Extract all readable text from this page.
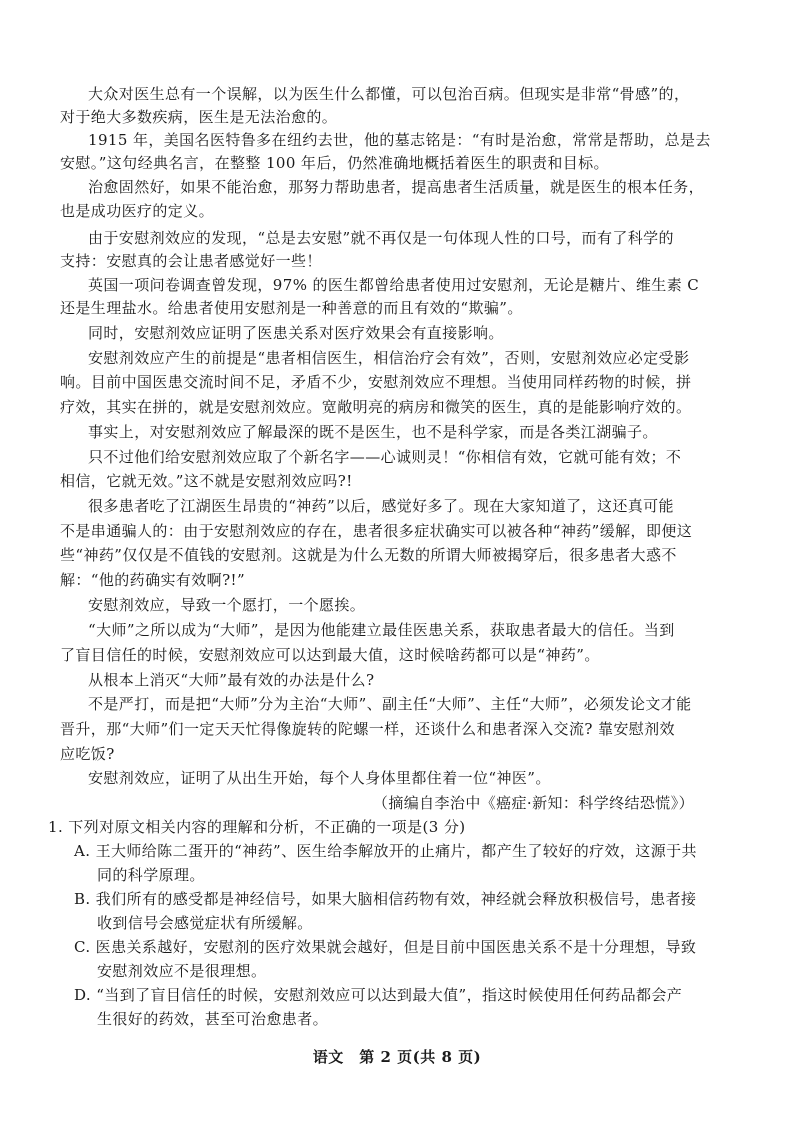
大众对医生总有一个误解，以为医生什么都懂，可以包治百病。但现实是非常“骨感”的，
对于绝大多数疾病，医生是无法治愈的。
1915 年，美国名医特鲁多在纽约去世，他的墓志铭是：“有时是治愈，常常是帮助，总是去
安慰。”这句经典名言，在整整 100 年后，仍然准确地概括着医生的职责和目标。
治愈固然好，如果不能治愈，那努力帮助患者，提高患者生活质量，就是医生的根本任务，
也是成功医疗的定义。
由于安慰剂效应的发现，“总是去安慰”就不再仅是一句体现人性的口号，而有了科学的
支持：安慰真的会让患者感觉好一些！
英国一项问卷调查曾发现，97% 的医生都曾给患者使用过安慰剂，无论是糖片、维生素 C
还是生理盐水。给患者使用安慰剂是一种善意的而且有效的“欺骗”。
同时，安慰剂效应证明了医患关系对医疗效果会有直接影响。
安慰剂效应产生的前提是“患者相信医生，相信治疗会有效”，否则，安慰剂效应必定受影
响。目前中国医患交流时间不足，矛盾不少，安慰剂效应不理想。当使用同样药物的时候，拼
疗效，其实在拼的，就是安慰剂效应。宽敞明亮的病房和微笑的医生，真的是能影响疗效的。
事实上，对安慰剂效应了解最深的既不是医生，也不是科学家，而是各类江湖骗子。
只不过他们给安慰剂效应取了个新名字——心诚则灵！“你相信有效，它就可能有效；不
相信，它就无效。”这不就是安慰剂效应吗?!
很多患者吃了江湖医生昂贵的“神药”以后，感觉好多了。现在大家知道了，这还真可能
不是串通骗人的：由于安慰剂效应的存在，患者很多症状确实可以被各种“神药”缓解，即便这
些“神药”仅仅是不值钱的安慰剂。这就是为什么无数的所谓大师被揭穿后，很多患者大惑不
解：“他的药确实有效啊?!”
安慰剂效应，导致一个愿打，一个愿挨。
“大师”之所以成为“大师”，是因为他能建立最佳医患关系，获取患者最大的信任。当到
了盲目信任的时候，安慰剂效应可以达到最大值，这时候啥药都可以是“神药”。
从根本上消灭“大师”最有效的办法是什么?
不是严打，而是把“大师”分为主治“大师”、副主任“大师”、主任“大师”，必须发论文才能
晋升，那“大师”们一定天天忙得像旋转的陀螺一样，还谈什么和患者深入交流? 靠安慰剂效
应吃饭?
安慰剂效应，证明了从出生开始，每个人身体里都住着一位“神医”。
（摘编自李治中《癌症·新知：科学终结恐慌》）
1. 下列对原文相关内容的理解和分析，不正确的一项是(3 分)
A. 王大师给陈二蛋开的“神药”、医生给李解放开的止痛片，都产生了较好的疗效，这源于共
同的科学原理。
B. 我们所有的感受都是神经信号，如果大脑相信药物有效，神经就会释放积极信号，患者接
收到信号会感觉症状有所缓解。
C. 医患关系越好，安慰剂的医疗效果就会越好，但是目前中国医患关系不是十分理想，导致
安慰剂效应不是很理想。
D. “当到了盲目信任的时候，安慰剂效应可以达到最大值”，指这时候使用任何药品都会产
生很好的药效，甚至可治愈患者。
语文　第 2 页(共 8 页)
